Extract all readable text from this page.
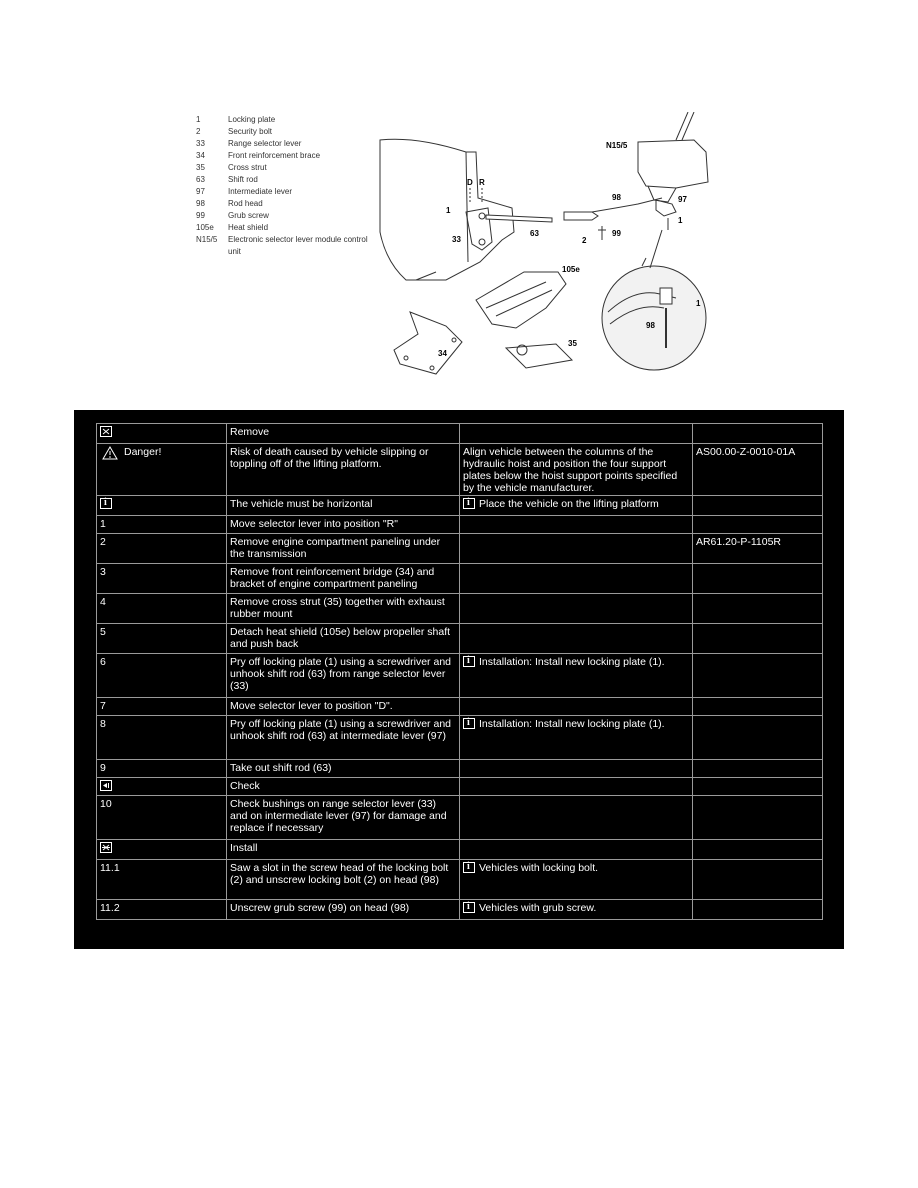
1	Locking plate
2	Security bolt
33	Range selector lever
34	Front reinforcement brace
35	Cross strut
63	Shift rod
97	Intermediate lever
98	Rod head
99	Grub screw
105e	Heat shield
N15/5	Electronic selector lever module control unit
N15/5
D R
1
33
63
98	97
1
2
99
105e
34
35
1
98
	Remove		
Danger!	Risk of death caused by vehicle slipping or toppling off of the lifting platform.	Align vehicle between the columns of the hydraulic hoist and position the four support plates below the hoist support points specified by the vehicle manufacturer.	AS00.00-Z-0010-01A
i	The vehicle must be horizontal	iPlace the vehicle on the lifting platform	
1	Move selector lever into position "R"		
2	Remove engine compartment paneling under the transmission		AR61.20-P-1105R
3	Remove front reinforcement bridge (34) and bracket of engine compartment paneling		
4	Remove cross strut (35) together with exhaust rubber mount		
5	Detach heat shield (105e) below propeller shaft and push back		
6	Pry off locking plate (1) using a screwdriver and unhook shift rod (63) from range selector lever (33)	iInstallation: Install new locking plate (1).	
7	Move selector lever to position "D".		
8	Pry off locking plate (1) using a screwdriver and unhook shift rod (63) at intermediate lever (97)	iInstallation: Install new locking plate (1).	
9	Take out shift rod (63)		
	Check		
10	Check bushings on range selector lever (33) and on intermediate lever (97) for damage and replace if necessary		
	Install		
11.1	Saw a slot in the screw head of the locking bolt (2) and unscrew locking bolt (2) on head (98)	iVehicles with locking bolt.	
11.2	Unscrew grub screw (99) on head (98)	iVehicles with grub screw.	
